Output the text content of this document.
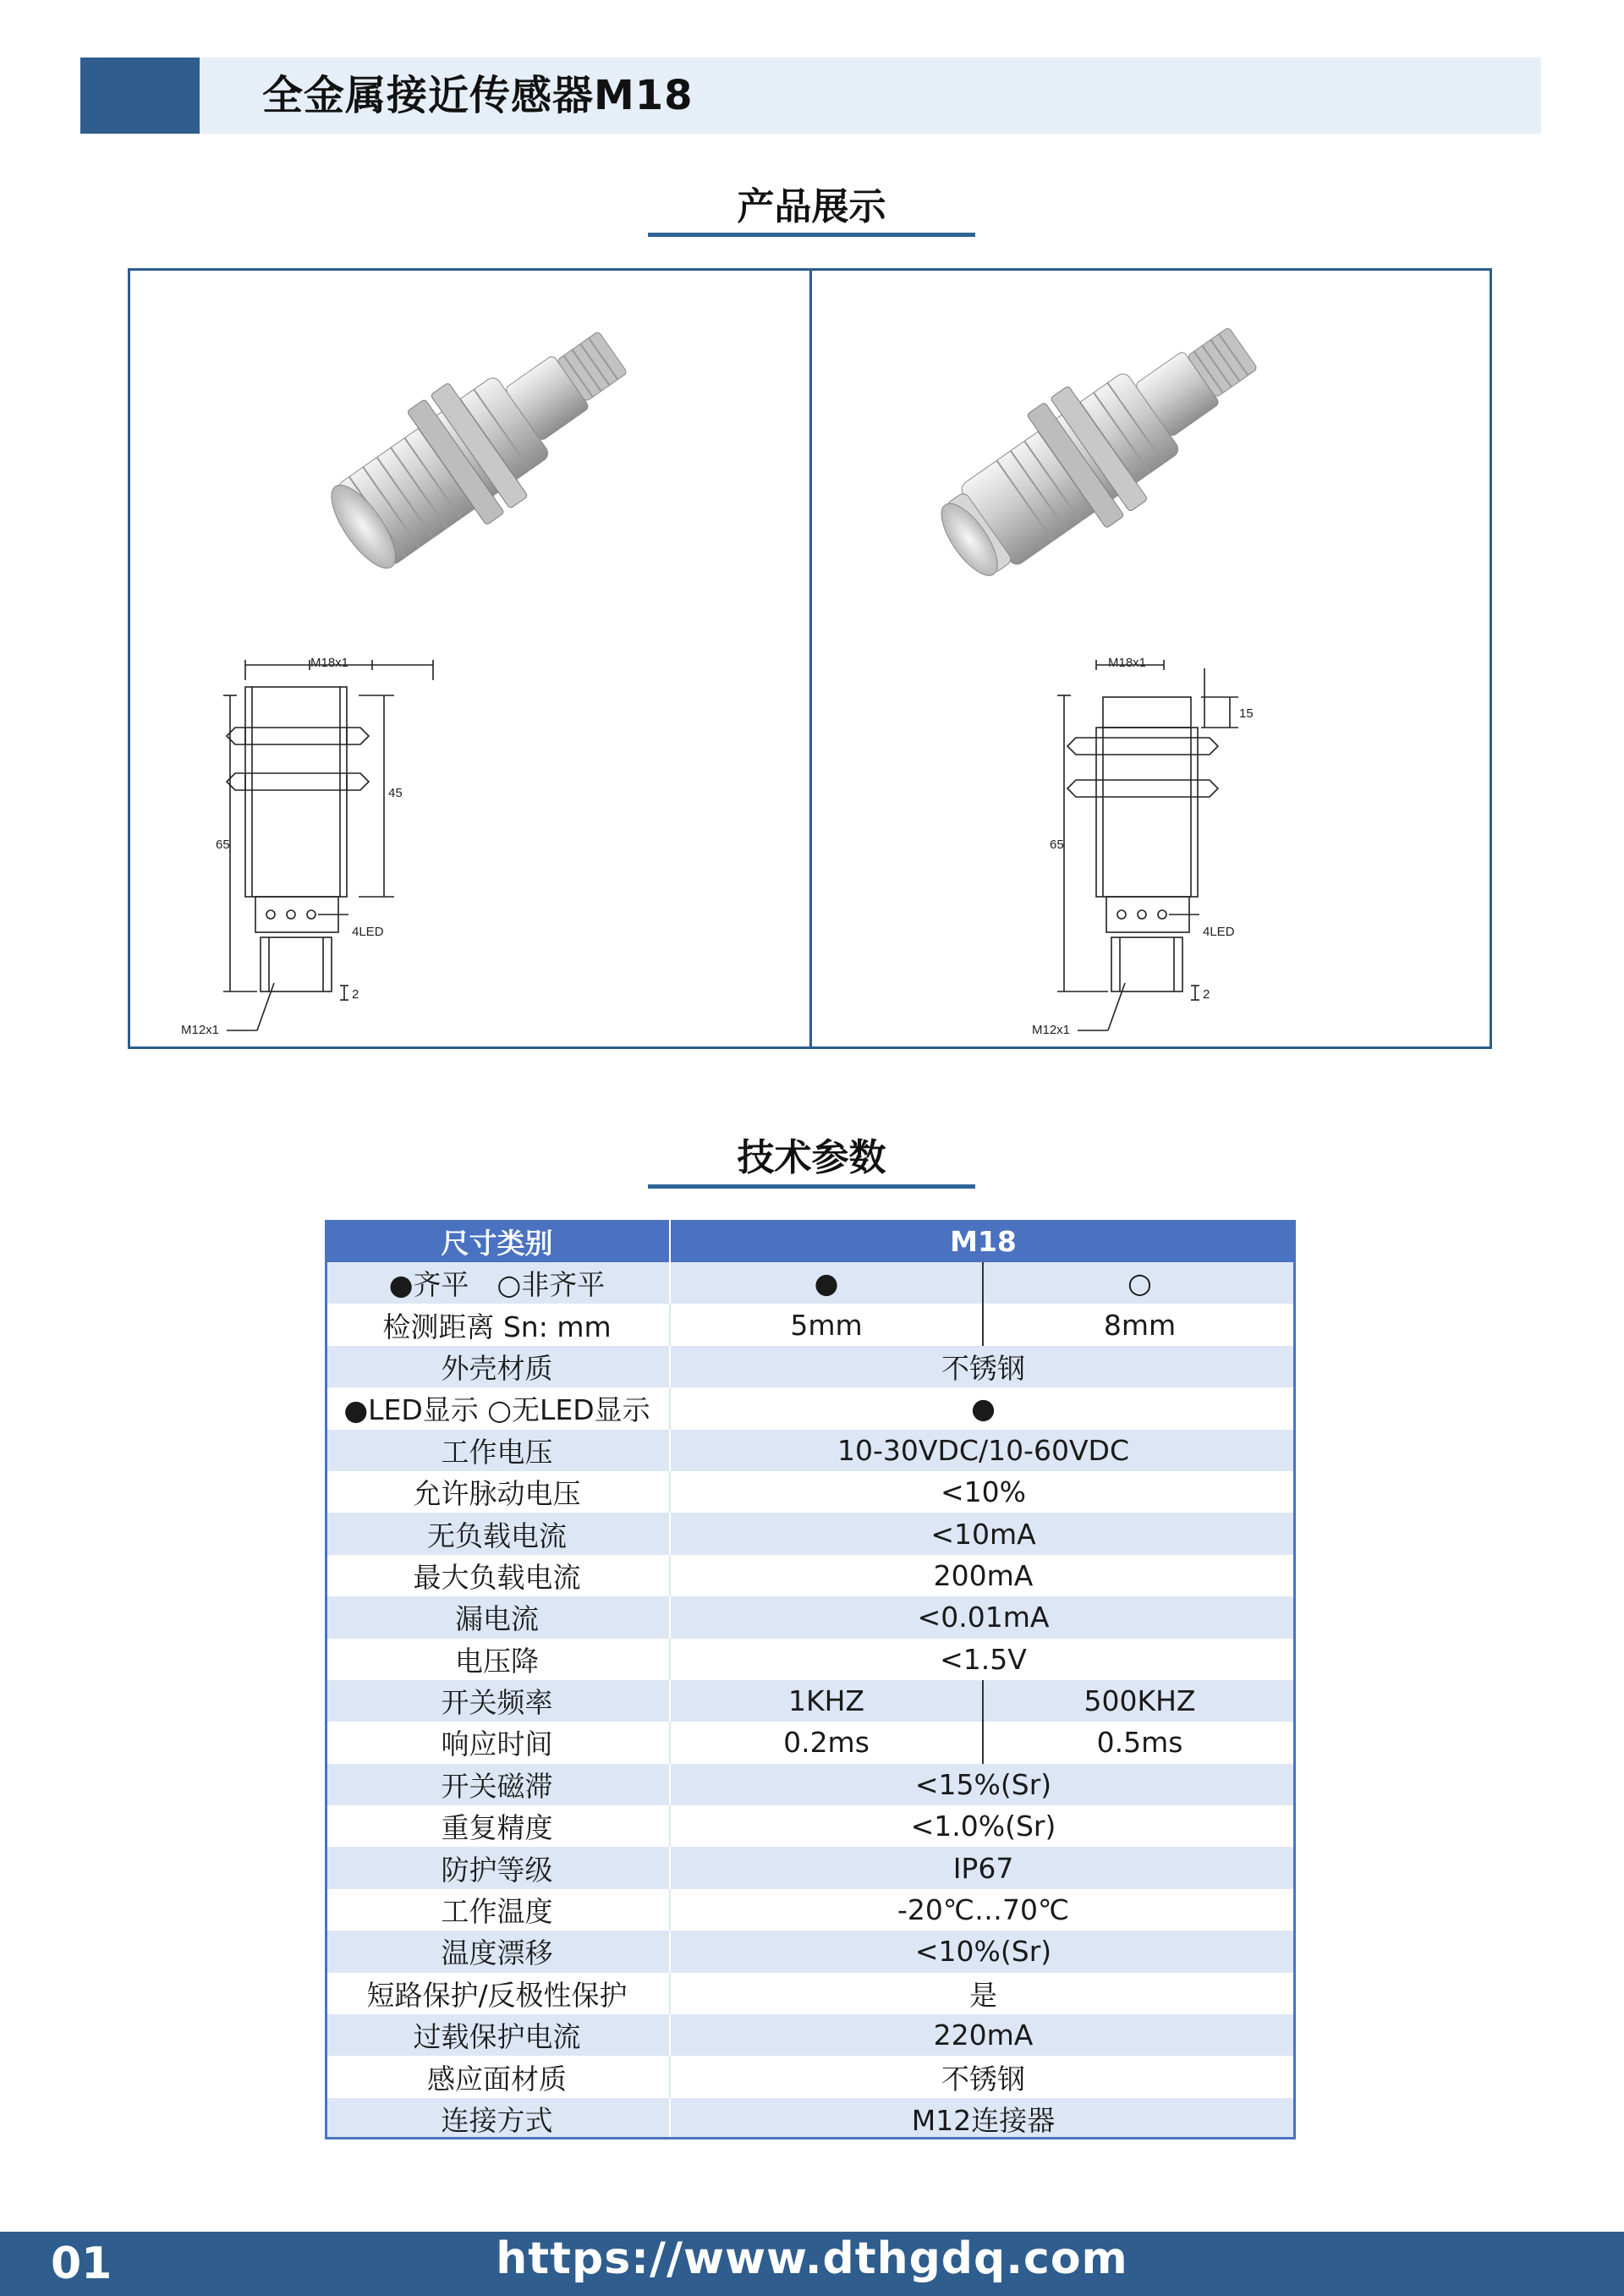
全金属接近传感器M18
产品展示
M18x1
65
45
4LED
M12x1
2
M18x1
15
65
4LED
M12x1
2
技术参数
尺寸类别	M18	
●齐平　○非齐平	●	○
检测距离 Sn: mm	5mm	8mm
外壳材质	不锈钢	
●LED显示 ○无LED显示	●	
工作电压	10-30VDC/10-60VDC	
允许脉动电压	<10%	
无负载电流	<10mA	
最大负载电流	200mA	
漏电流	<0.01mA	
电压降	<1.5V	
开关频率	1KHZ	500KHZ
响应时间	0.2ms	0.5ms
开关磁滞	<15%(Sr)	
重复精度	<1.0%(Sr)	
防护等级	IP67	
工作温度	-20℃…70℃	
温度漂移	<10%(Sr)	
短路保护/反极性保护	是	
过载保护电流	220mA	
感应面材质	不锈钢	
连接方式	M12连接器	
01	https://www.dthgdq.com
